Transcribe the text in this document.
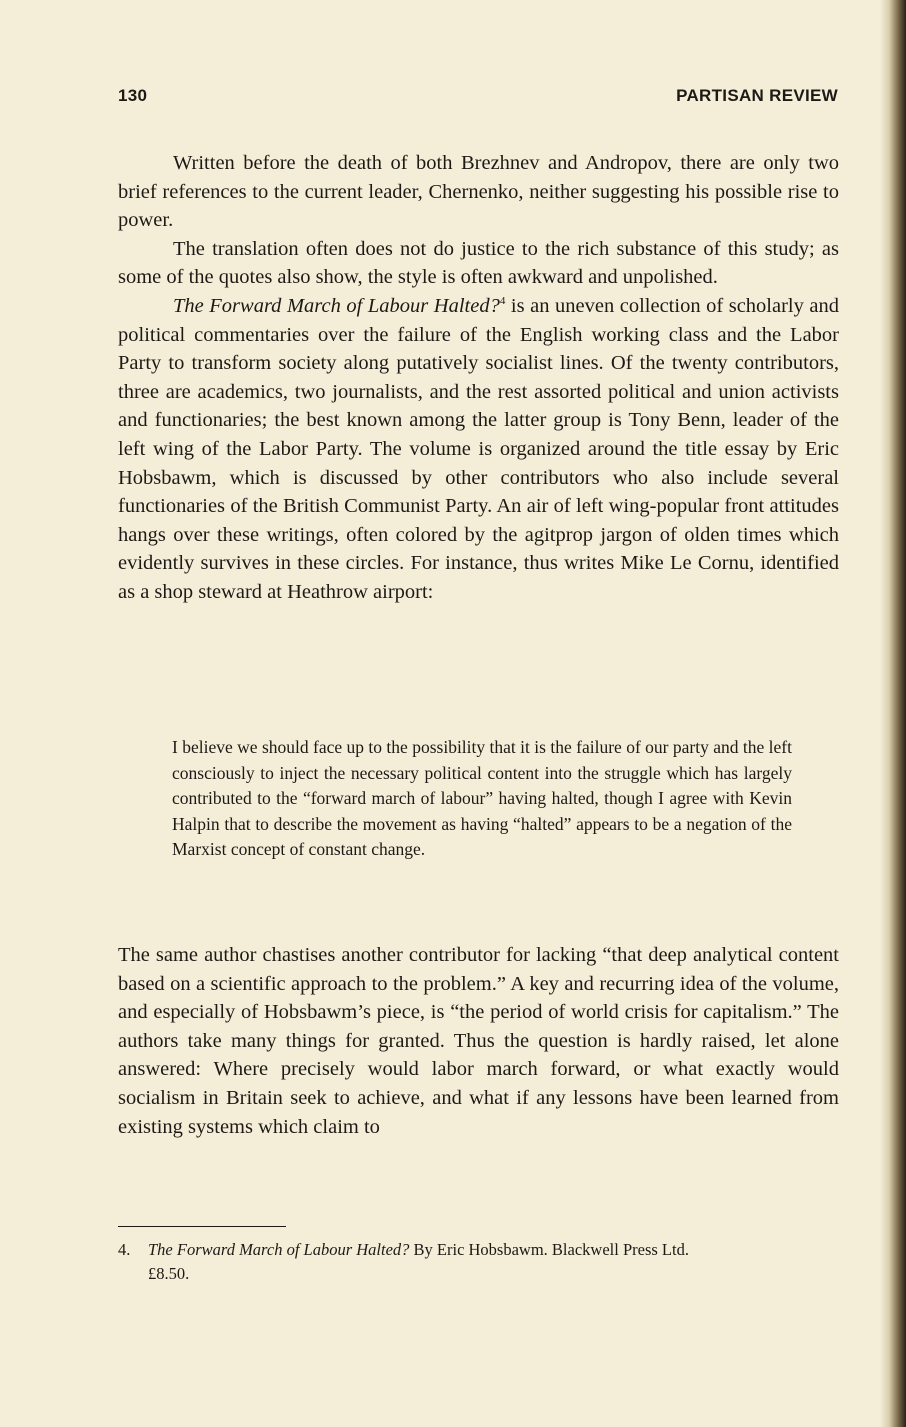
130	PARTISAN REVIEW

Written before the death of both Brezhnev and Andropov, there are only two brief references to the current leader, Chernenko, neither suggesting his possible rise to power.

The translation often does not do justice to the rich substance of this study; as some of the quotes also show, the style is often awkward and unpolished.

The Forward March of Labour Halted?$^4$ is an uneven collection of scholarly and political commentaries over the failure of the English working class and the Labor Party to transform society along putatively socialist lines. Of the twenty contributors, three are academics, two journalists, and the rest assorted political and union activists and functionaries; the best known among the latter group is Tony Benn, leader of the left wing of the Labor Party. The volume is organized around the title essay by Eric Hobsbawm, which is discussed by other contributors who also include several functionaries of the British Communist Party. An air of left wing-popular front attitudes hangs over these writings, often colored by the agitprop jargon of olden times which evidently survives in these circles. For instance, thus writes Mike Le Cornu, identified as a shop steward at Heathrow airport:

I believe we should face up to the possibility that it is the failure of our party and the left consciously to inject the necessary political content into the struggle which has largely contributed to the “forward march of labour” having halted, though I agree with Kevin Halpin that to describe the movement as having “halted” appears to be a negation of the Marxist concept of constant change.

The same author chastises another contributor for lacking “that deep analytical content based on a scientific approach to the problem.” A key and recurring idea of the volume, and especially of Hobsbawm’s piece, is “the period of world crisis for capitalism.” The authors take many things for granted. Thus the question is hardly raised, let alone answered: Where precisely would labor march forward, or what exactly would socialism in Britain seek to achieve, and what if any lessons have been learned from existing systems which claim to

4. The Forward March of Labour Halted? By Eric Hobsbawm. Blackwell Press Ltd.
£8.50.
